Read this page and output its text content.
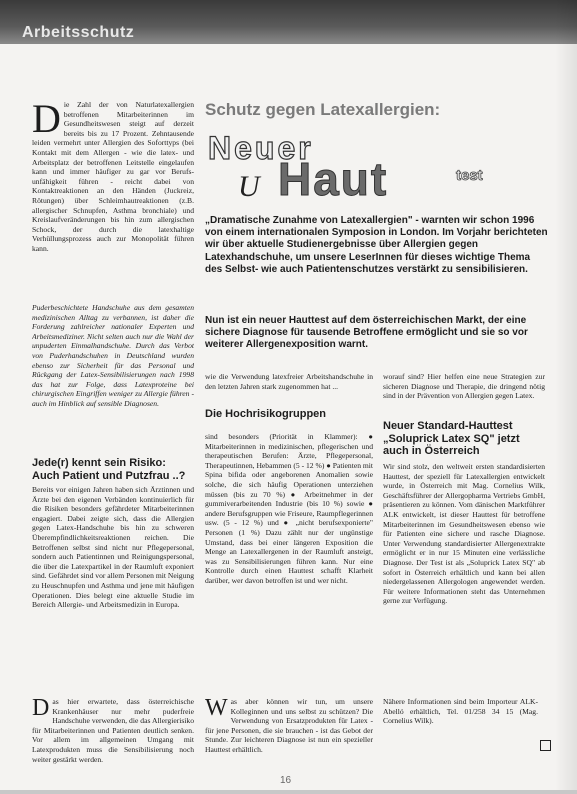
Arbeitsschutz
Schutz gegen Latexallergien:
Neuer
U Haut	test
„Dramatische Zunahme von Latexallergien" - warnten wir schon 1996 von einem internationalen Symposion in London. Im Vorjahr berichteten wir über aktuelle Studienergebnisse über Allergien gegen Latexhandschuhe, um unsere LeserInnen für dieses wichtige Thema des Selbst- wie auch Patientenschutzes verstärkt zu sensibilisieren.
Nun ist ein neuer Hauttest auf dem österreichischen Markt, der eine sichere Diagnose für tausende Betroffene ermöglicht und sie so vor weiterer Allergenexposition warnt.
D ie Zahl der von Naturlatexallergien betroffenen Mitarbeiterinnen im Gesundheitswesen steigt auf derzeit bereits bis zu 17 Prozent. Zehntausende leiden vermehrt unter Allergien des Soforttyps (bei Kontakt mit dem Allergen - wie die latex- und Arbeitsplatz der betroffenen Leitstelle eingelaufen kann und immer häufiger zu gar vor Berufs-unfähigkeit führen - reicht dabei von Kontaktreaktionen an den Händen (Juckreiz, Rötungen) über Schleimhautreaktionen (z.B. allergischer Schnupfen, Asthma bronchiale) und Kreislaufveränderungen bis hin zum allergischen Schock, der durch die latexhaltige Verhüllungsprozess auch zur Monopolität führen kann.
Puderbeschichtete Handschuhe aus dem gesamten medizinischen Alltag zu verbannen, ist daher die Forderung zahlreicher nationaler Experten und Arbeitsmediziner. Nicht selten auch nur die Wahl der unpuderten Einmalhandschuhe. Durch das Verbot von Puderhandschuhen in Deutschland wurden ebenso zur Sicherheit für das Personal und Rückgang der Latex-Sensibilisierungen nach 1998 das hat zur Folge, dass Latexproteine bei chirurgischen Eingriffen weniger zu Allergie führen - auch im Hinblick auf sensible Diagnosen.
Jede(r) kennt sein Risiko: Auch Patient und Putzfrau ..?
Bereits vor einigen Jahren haben sich Ärztinnen und Ärzte bei den eigenen Verbänden kontinuierlich für die Risiken besonders gefährdeter Mitarbeiterinnen engagiert. Dabei zeigte sich, dass die Allergien gegen Latex-Handschuhe bis hin zu schweren Überempfindlichkeitsreaktionen reichen. Die Betroffenen selbst sind nicht nur Pflegepersonal, sondern auch Patientinnen und Reinigungspersonal, die über die Latexpartikel in der Raumluft exponiert sind. Gefährdet sind vor allem Personen mit Neigung zu Heuschnupfen und Asthma und jene mit häufigen Operationen. Dies belegt eine aktuelle Studie im Bereich Allergie- und Arbeitsmedizin in Europa.
D as hier erwartete, dass österreichische Krankenhäuser nur mehr puderfreie Handschuhe verwenden, die das Allergierisiko für Mitarbeiterinnen und Patienten deutlich senken. Vor allem im allgemeinen Umgang mit Latexprodukten muss die Sensibilisierung noch weiter gestärkt werden.
wie die Verwendung latexfreier Arbeitshandschuhe in den letzten Jahren stark zugenommen hat ...
Die Hochrisikogruppen
sind besonders (Priorität in Klammer): ● Mitarbeiterinnen in medizinischen, pflegerischen und therapeutischen Berufen: Ärzte, Pflegepersonal, Therapeutinnen, Hebammen (5 - 12 %) ● Patienten mit Spina bifida oder angeborenen Anomalien sowie solche, die sich häufig Operationen unterziehen müssen (bis zu 70 %) ● Arbeitnehmer in der gummiverarbeitenden Industrie (bis 10 %) sowie ● andere Berufsgruppen wie Friseure, Raumpflegerinnen usw. (5 - 12 %) und ● „nicht berufsexponierte" Personen (1 %) Dazu zählt nur der ungünstige Umstand, dass bei einer längeren Exposition die Menge an Latexallergenen in der Raumluft ansteigt, was zu Sensibilisierungen führen kann. Nur eine Kontrolle durch einen Hauttest schafft Klarheit darüber, wer davon betroffen ist und wer nicht.
W as aber können wir tun, um unsere Kolleginnen und uns selbst zu schützen? Die Verwendung von Ersatzprodukten für Latex - für jene Personen, die sie brauchen - ist das Gebot der Stunde. Zur leichteren Diagnose ist nun ein spezieller Hauttest erhältlich.
worauf sind? Hier helfen eine neue Strategien zur sicheren Diagnose und Therapie, die dringend nötig sind in der Prävention von Allergien gegen Latex.
Neuer Standard-Hauttest „Soluprick Latex SQ" jetzt auch in Österreich
Wir sind stolz, den weltweit ersten standardisierten Hauttest, der speziell für Latexallergien entwickelt wurde, in Österreich mit Mag. Cornelius Wilk, Geschäftsführer der Allergopharma Vertriebs GmbH, präsentieren zu können. Vom dänischen Marktführer ALK entwickelt, ist dieser Hauttest für betroffene Mitarbeiterinnen im Gesundheitswesen ebenso wie für Patienten eine sichere und rasche Diagnose. Unter Verwendung standardisierter Allergenextrakte ermöglicht er in nur 15 Minuten eine verlässliche Diagnose. Der Test ist als „Soluprick Latex SQ" ab sofort in Österreich erhältlich und kann bei allen niedergelassenen Allergologen angewendet werden. Für weitere Informationen steht das Unternehmen gerne zur Verfügung.
Nähere Informationen sind beim Importeur ALK-Abelló erhältlich, Tel. 01/258 34 15 (Mag. Cornelius Wilk).
16
